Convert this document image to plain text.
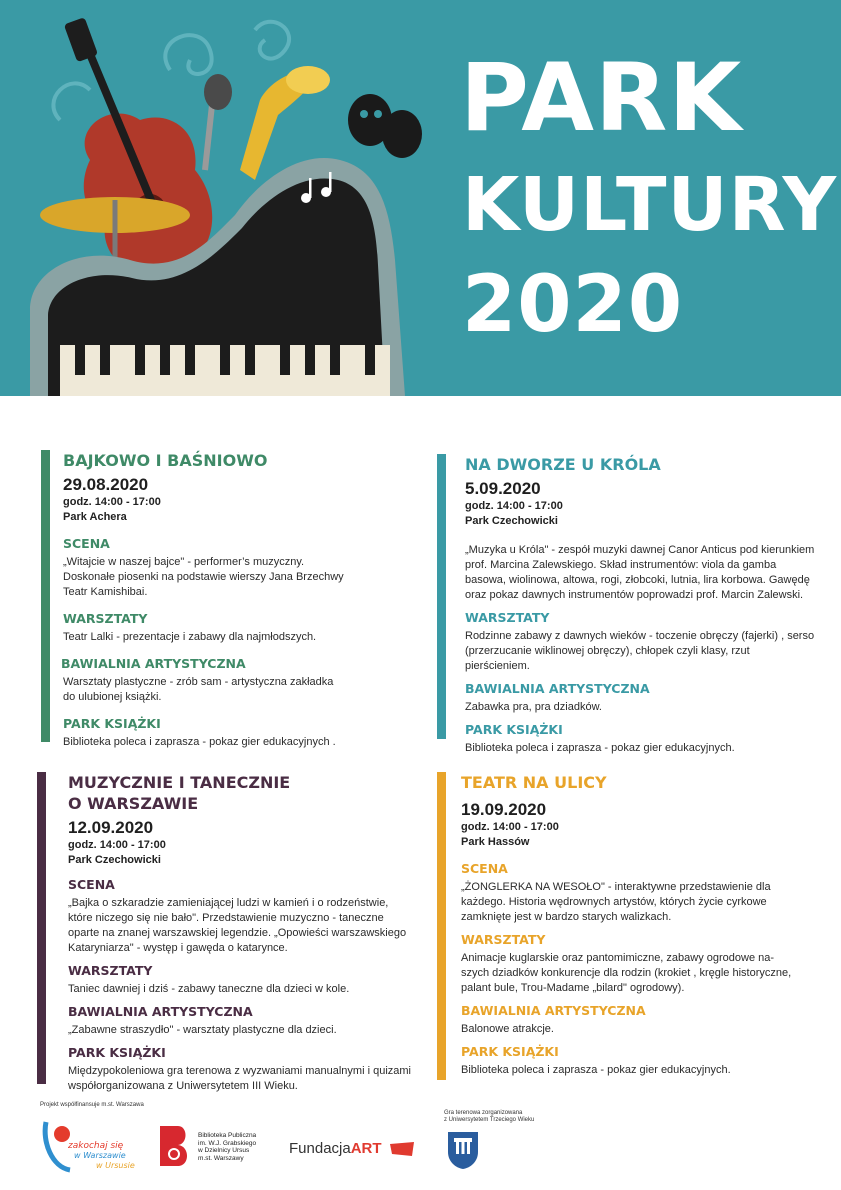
PARK
KULTURY
2020
BAJKOWO I BAŚNIOWO
29.08.2020
godz. 14:00 - 17:00
Park Achera
SCENA
„Witajcie w naszej bajce" - performer’s muzyczny. Doskonałe piosenki na podstawie wierszy Jana Brzechwy Teatr Kamishibai.
WARSZTATY
Teatr Lalki - prezentacje i zabawy dla najmłodszych.
BAWIALNIA ARTYSTYCZNA
Warsztaty plastyczne - zrób sam - artystyczna zakładka do ulubionej książki.
PARK KSIĄŻKI
Biblioteka poleca i zaprasza - pokaz gier edukacyjnych .
NA DWORZE U KRÓLA
5.09.2020
godz. 14:00 - 17:00
Park Czechowicki
„Muzyka u Króla" - zespół muzyki dawnej Canor Anticus pod kierunkiem prof. Marcina Zalewskiego. Skład instrumentów: viola da gamba basowa, wiolinowa, altowa, rogi, złobcoki, lutnia, lira korbowa. Gawędę oraz pokaz dawnych instrumentów poprowadzi prof. Marcin Zalewski.
WARSZTATY
Rodzinne zabawy z dawnych wieków - toczenie obręczy (fajerki) , serso (przerzucanie wiklinowej obręczy), chłopek czyli klasy, rzut pierścieniem.
BAWIALNIA ARTYSTYCZNA
Zabawka pra, pra dziadków.
PARK KSIĄŻKI
Biblioteka poleca i zaprasza - pokaz gier edukacyjnych.
MUZYCZNIE I TANECZNIE
O WARSZAWIE
12.09.2020
godz. 14:00 - 17:00
Park Czechowicki
SCENA
„Bajka o szkaradzie zamieniającej ludzi w kamień i o rodzeństwie, które niczego się nie bało". Przedstawienie muzyczno - taneczne oparte na znanej warszawskiej legendzie. „Opowieści warszawskiego Kataryniarza" - występ i gawęda o katarynce.
WARSZTATY
Taniec dawniej i dziś - zabawy taneczne dla dzieci w kole.
BAWIALNIA ARTYSTYCZNA
„Zabawne straszydło" - warsztaty plastyczne dla dzieci.
PARK KSIĄŻKI
Międzypokoleniowa gra terenowa z wyzwaniami manualnymi i quizami współorganizowana z Uniwersytetem III Wieku.
TEATR NA ULICY
19.09.2020
godz. 14:00 - 17:00
Park Hassów
SCENA
„ŻONGLERKA NA WESOŁO" - interaktywne przedstawienie dla każdego. Historia wędrownych artystów, których życie cyrkowe zamknięte jest w bardzo starych walizkach.
WARSZTATY
Animacje kuglarskie oraz pantomimiczne, zabawy ogrodowe na-szych dziadków konkurencje dla rodzin (krokiet , kręgle historyczne, palant bule, Trou-Madame „bilard" ogrodowy).
BAWIALNIA ARTYSTYCZNA
Balonowe atrakcje.
PARK KSIĄŻKI
Biblioteka poleca i zaprasza - pokaz gier edukacyjnych.
Projekt współfinansuje m.st. Warszawa
zakochaj się
w Warszawie
w Ursusie
Biblioteka Publiczna
im. W.J. Grabskiego
w Dzielnicy Ursus
m.st. Warszawy
FundacjaART
Gra terenowa zorganizowana
z Uniwersytetem Trzeciego Wieku
